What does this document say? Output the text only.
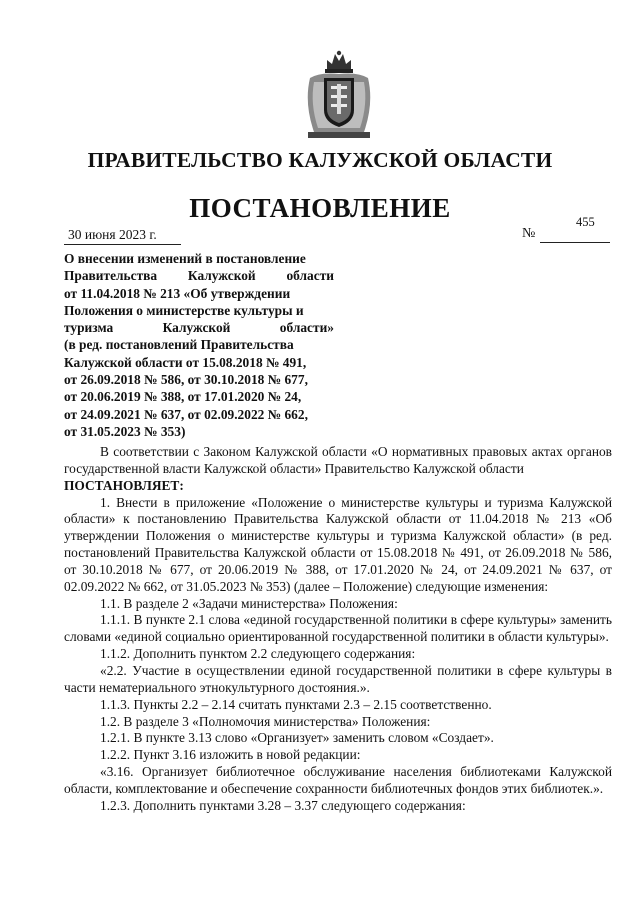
ПРАВИТЕЛЬСТВО КАЛУЖСКОЙ ОБЛАСТИ
ПОСТАНОВЛЕНИЕ
30 июня 2023 г.	№
455
О внесении изменений в постановление
Правительства Калужской области
от 11.04.2018 № 213 «Об утверждении
Положения о министерстве культуры и
туризма Калужской области»
(в ред. постановлений Правительства
Калужской области от 15.08.2018 № 491,
от 26.09.2018 № 586, от 30.10.2018 № 677,
от 20.06.2019 № 388, от 17.01.2020 № 24,
от 24.09.2021 № 637, от 02.09.2022 № 662,
от 31.05.2023 № 353)

В соответствии с Законом Калужской области «О нормативных правовых актах органов государственной власти Калужской области» Правительство Калужской области

ПОСТАНОВЛЯЕТ:

1. Внести в приложение «Положение о министерстве культуры и туризма Калужской области» к постановлению Правительства Калужской области от 11.04.2018 № 213 «Об утверждении Положения о министерстве культуры и туризма Калужской области» (в ред. постановлений Правительства Калужской области от 15.08.2018 № 491, от 26.09.2018 № 586, от 30.10.2018 № 677, от 20.06.2019 № 388, от 17.01.2020 № 24, от 24.09.2021 № 637, от 02.09.2022 № 662, от 31.05.2023 № 353) (далее – Положение) следующие изменения:

1.1. В разделе 2 «Задачи министерства» Положения:

1.1.1. В пункте 2.1 слова «единой государственной политики в сфере культуры» заменить словами «единой социально ориентированной государственной политики в области культуры».

1.1.2. Дополнить пунктом 2.2 следующего содержания:

«2.2. Участие в осуществлении единой государственной политики в сфере культуры в части нематериального этнокультурного достояния.».

1.1.3. Пункты 2.2 – 2.14 считать пунктами 2.3 – 2.15 соответственно.

1.2. В разделе 3 «Полномочия министерства» Положения:

1.2.1. В пункте 3.13 слово «Организует» заменить словом «Создает».

1.2.2. Пункт 3.16 изложить в новой редакции:

«3.16. Организует библиотечное обслуживание населения библиотеками Калужской области, комплектование и обеспечение сохранности библиотечных фондов этих библиотек.».

1.2.3. Дополнить пунктами 3.28 – 3.37 следующего содержания:
